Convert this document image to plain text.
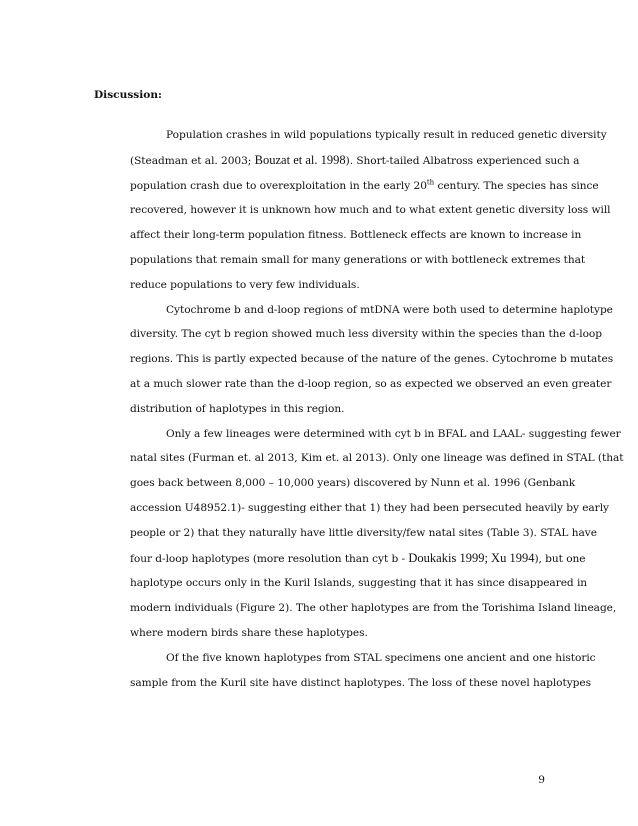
Discussion:

Population crashes in wild populations typically result in reduced genetic diversity
(Steadman et al. 2003; Bouzat et al. 1998). Short-tailed Albatross experienced such a
population crash due to overexploitation in the early 20th century. The species has since
recovered, however it is unknown how much and to what extent genetic diversity loss will
affect their long-term population fitness. Bottleneck effects are known to increase in
populations that remain small for many generations or with bottleneck extremes that
reduce populations to very few individuals.

Cytochrome b and d-loop regions of mtDNA were both used to determine haplotype
diversity. The cyt b region showed much less diversity within the species than the d-loop
regions. This is partly expected because of the nature of the genes. Cytochrome b mutates
at a much slower rate than the d-loop region, so as expected we observed an even greater
distribution of haplotypes in this region.

Only a few lineages were determined with cyt b in BFAL and LAAL- suggesting fewer
natal sites (Furman et. al 2013, Kim et. al 2013). Only one lineage was defined in STAL (that
goes back between 8,000 – 10,000 years) discovered by Nunn et al. 1996 (Genbank
accession U48952.1)- suggesting either that 1) they had been persecuted heavily by early
people or 2) that they naturally have little diversity/few natal sites (Table 3). STAL have
four d-loop haplotypes (more resolution than cyt b - Doukakis 1999; Xu 1994), but one
haplotype occurs only in the Kuril Islands, suggesting that it has since disappeared in
modern individuals (Figure 2). The other haplotypes are from the Torishima Island lineage,
where modern birds share these haplotypes.

Of the five known haplotypes from STAL specimens one ancient and one historic
sample from the Kuril site have distinct haplotypes. The loss of these novel haplotypes

9
